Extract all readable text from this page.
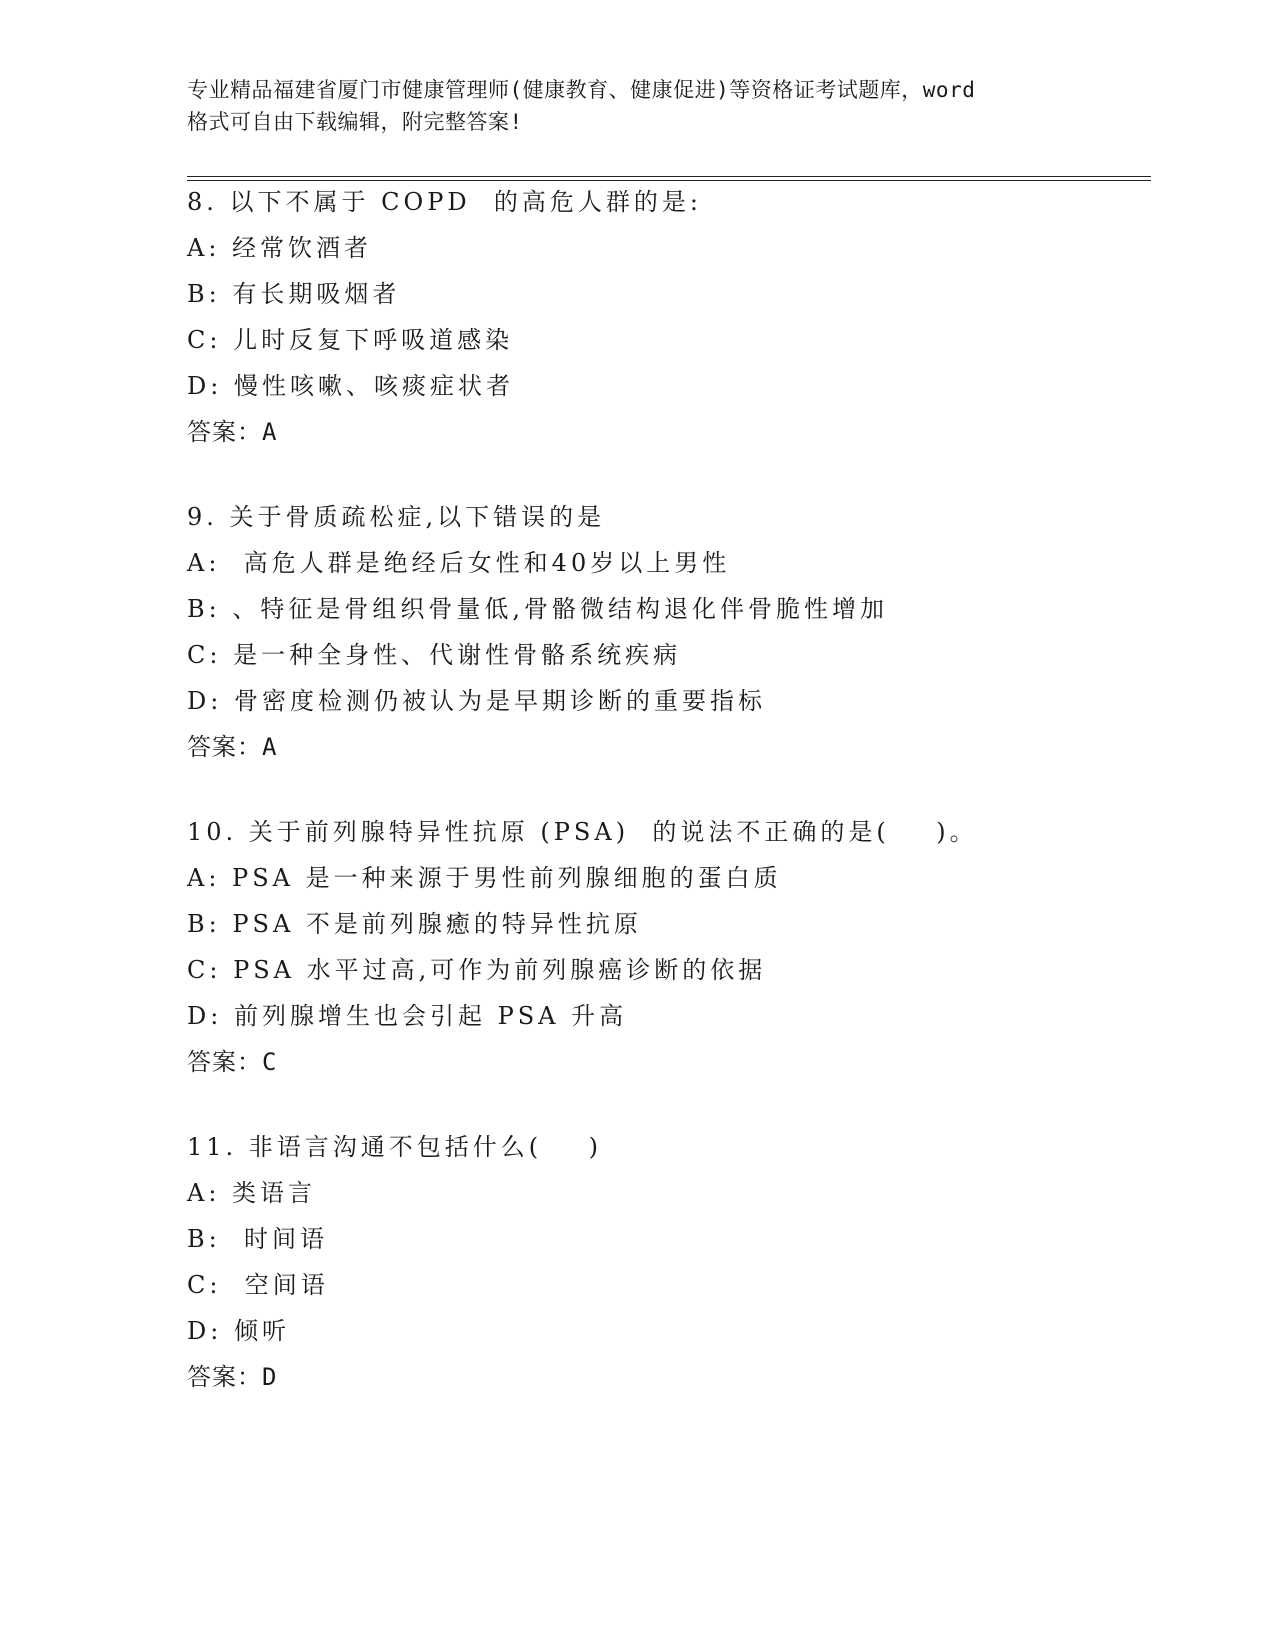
专业精品福建省厦门市健康管理师(健康教育、健康促进)等资格证考试题库，word
格式可自由下载编辑，附完整答案!
8. 以下不属于 COPD  的高危人群的是:
A: 经常饮酒者
B: 有长期吸烟者
C: 儿时反复下呼吸道感染
D: 慢性咳嗽、咳痰症状者
答案：A
9. 关于骨质疏松症,以下错误的是
A:  高危人群是绝经后女性和40岁以上男性
B: 、特征是骨组织骨量低,骨骼微结构退化伴骨脆性增加
C: 是一种全身性、代谢性骨骼系统疾病
D: 骨密度检测仍被认为是早期诊断的重要指标
答案：A
10. 关于前列腺特异性抗原 (PSA)  的说法不正确的是(    )。
A: PSA 是一种来源于男性前列腺细胞的蛋白质
B: PSA 不是前列腺癒的特异性抗原
C: PSA 水平过高,可作为前列腺癌诊断的依据
D: 前列腺增生也会引起 PSA 升高
答案：C
11. 非语言沟通不包括什么(    )
A: 类语言
B:  时间语
C:  空间语
D: 倾听
答案：D
